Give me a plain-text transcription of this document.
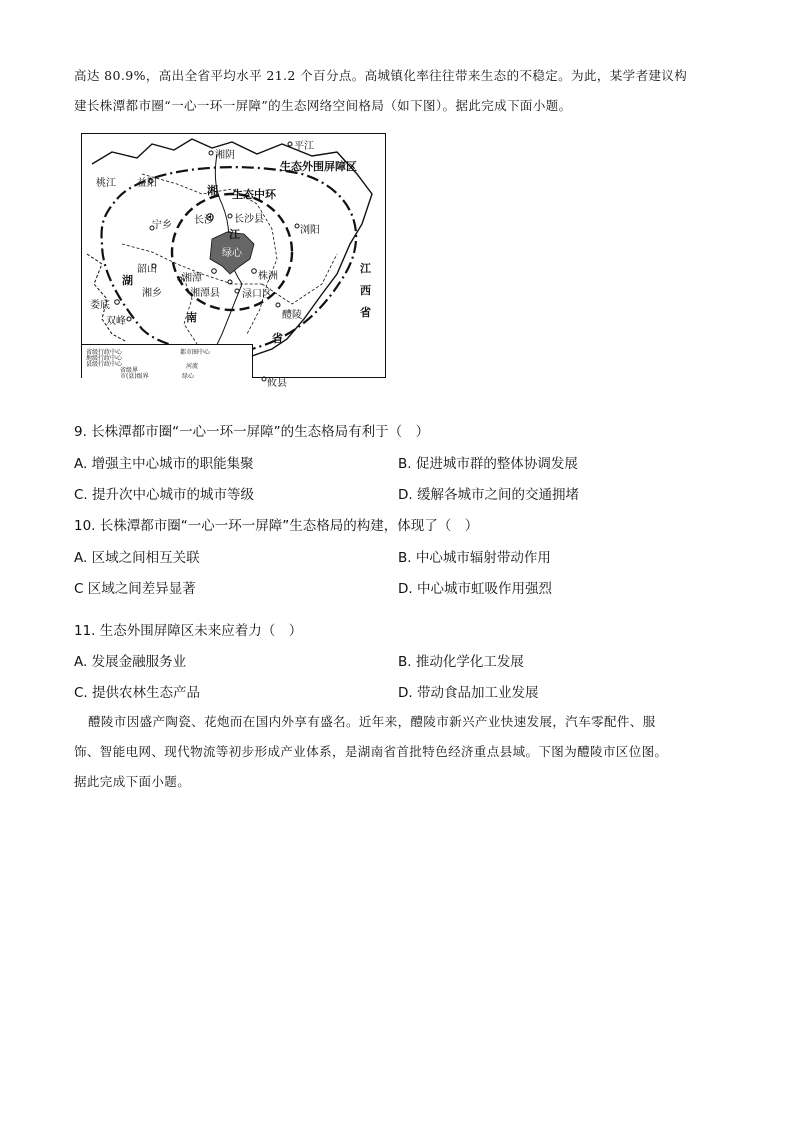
高达 80.9%，高出全省平均水平 21.2 个百分点。高城镇化率往往带来生态的不稳定。为此，某学者建议构
建长株潭都市圈“一心一环一屏障”的生态网络空间格局（如下图）。据此完成下面小题。
平江
湘阴
生态外围屏障区
桃江 益阳
湘 生态中环
宁乡 长沙 长沙县
浏阳
江
绿心
江
西
省
湖
韶山
湘潭	株洲
湘乡	湘潭县 渌口区
娄底
双峰	南	醴陵
省
攸县
省级行政中心
地级行政中心
县级行政中心
省级界
市(县)级界
都市圈中心
河流
绿心
9. 长株潭都市圈“一心一环一屏障”的生态格局有利于（　）
A. 增强主中心城市的职能集聚	B. 促进城市群的整体协调发展
C. 提升次中心城市的城市等级	D. 缓解各城市之间的交通拥堵
10. 长株潭都市圈“一心一环一屏障”生态格局的构建，体现了（　）
A. 区域之间相互关联	B. 中心城市辐射带动作用
C 区域之间差异显著	D. 中心城市虹吸作用强烈
11. 生态外围屏障区未来应着力（　）
A. 发展金融服务业	B. 推动化学化工发展
C. 提供农林生态产品	D. 带动食品加工业发展
醴陵市因盛产陶瓷、花炮而在国内外享有盛名。近年来，醴陵市新兴产业快速发展，汽车零配件、服
饰、智能电网、现代物流等初步形成产业体系，是湖南省首批特色经济重点县域。下图为醴陵市区位图。
据此完成下面小题。
